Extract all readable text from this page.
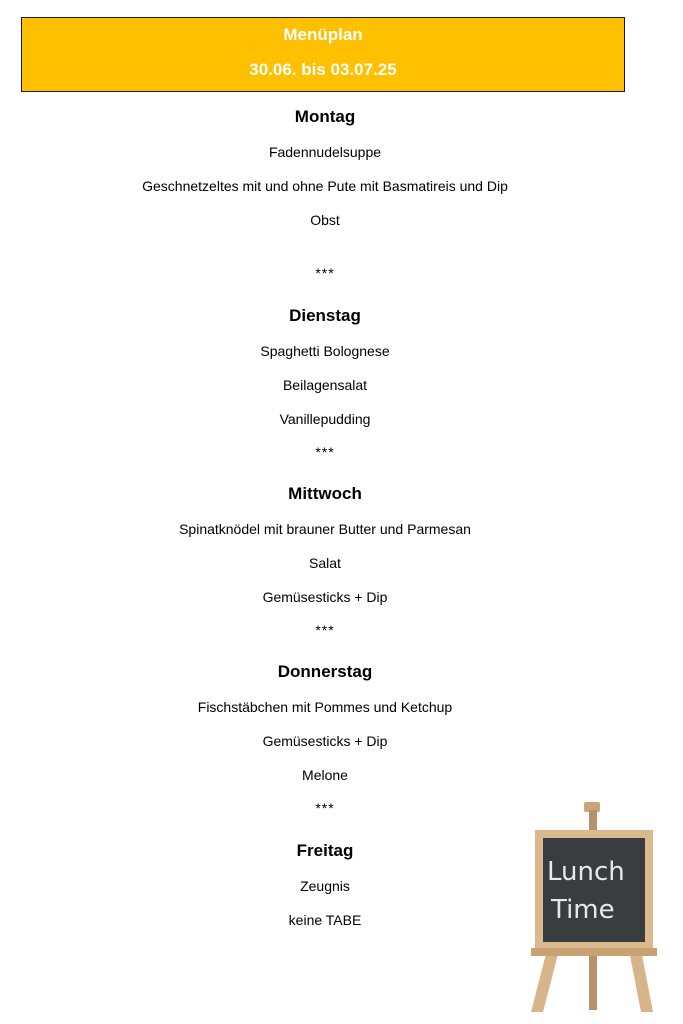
Menüplan
30.06. bis 03.07.25
Montag
Fadennudelsuppe
Geschnetzeltes mit und ohne Pute mit Basmatireis und Dip
Obst
***
Dienstag
Spaghetti Bolognese
Beilagensalat
Vanillepudding
***
Mittwoch
Spinatknödel mit brauner Butter und Parmesan
Salat
Gemüsesticks + Dip
***
Donnerstag
Fischstäbchen mit Pommes und Ketchup
Gemüsesticks + Dip
Melone
***
Freitag
Zeugnis
keine TABE
Lunch
Time
